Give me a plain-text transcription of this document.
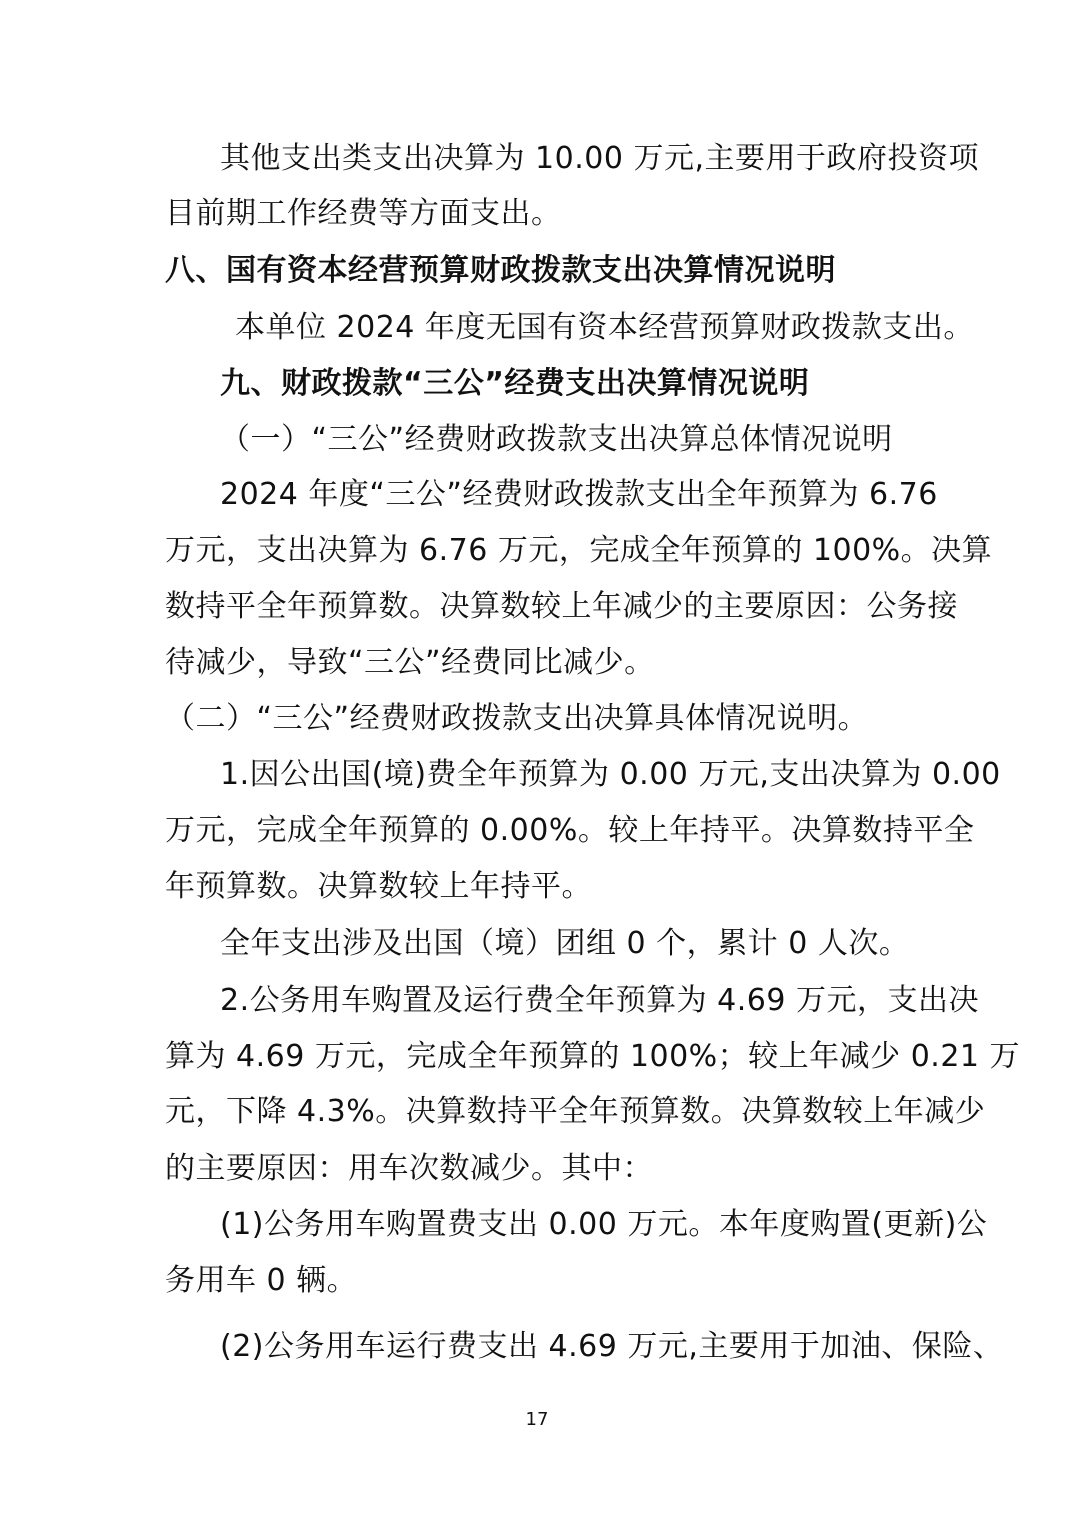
其他支出类支出决算为 10.00 万元,主要用于政府投资项
目前期工作经费等方面支出。
八、国有资本经营预算财政拨款支出决算情况说明
本单位 2024 年度无国有资本经营预算财政拨款支出。
九、财政拨款“三公”经费支出决算情况说明
（一）“三公”经费财政拨款支出决算总体情况说明
2024 年度“三公”经费财政拨款支出全年预算为 6.76
万元，支出决算为 6.76 万元，完成全年预算的 100%。决算
数持平全年预算数。决算数较上年减少的主要原因：公务接
待减少，导致“三公”经费同比减少。
（二）“三公”经费财政拨款支出决算具体情况说明。
1.因公出国(境)费全年预算为 0.00 万元,支出决算为 0.00
万元，完成全年预算的 0.00%。较上年持平。决算数持平全
年预算数。决算数较上年持平。
全年支出涉及出国（境）团组 0 个，累计 0 人次。
2.公务用车购置及运行费全年预算为 4.69 万元，支出决
算为 4.69 万元，完成全年预算的 100%；较上年减少 0.21 万
元，下降 4.3%。决算数持平全年预算数。决算数较上年减少
的主要原因：用车次数减少。其中：
(1)公务用车购置费支出 0.00 万元。本年度购置(更新)公
务用车 0 辆。
(2)公务用车运行费支出 4.69 万元,主要用于加油、保险、
17
